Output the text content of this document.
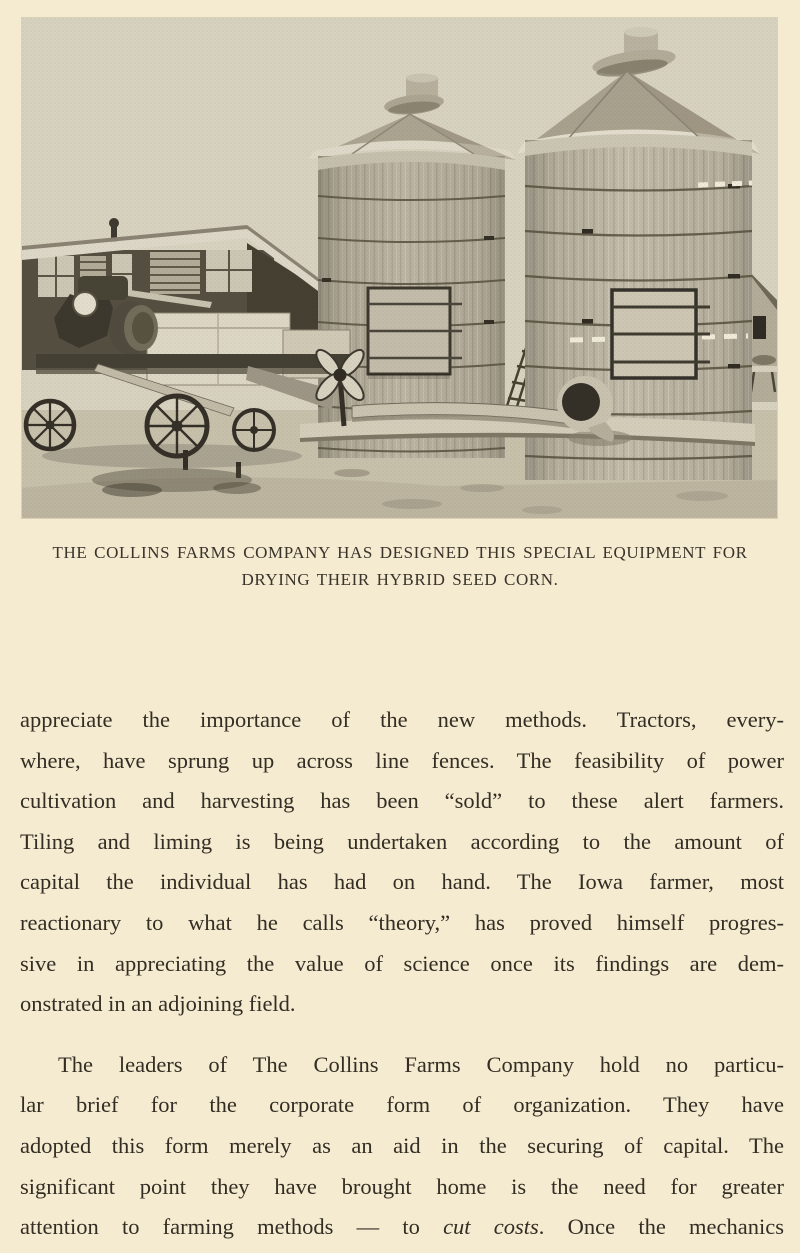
THE COLLINS FARMS COMPANY HAS DESIGNED THIS SPECIAL EQUIPMENT FOR
DRYING THEIR HYBRID SEED CORN.
appreciate the importance of the new methods. Tractors, every-
where, have sprung up across line fences. The feasibility of power
cultivation and harvesting has been “sold” to these alert farmers.
Tiling and liming is being undertaken according to the amount of
capital the individual has had on hand. The Iowa farmer, most
reactionary to what he calls “theory,” has proved himself progres-
sive in appreciating the value of science once its findings are dem-
onstrated in an adjoining field.
The leaders of The Collins Farms Company hold no particu-
lar brief for the corporate form of organization. They have
adopted this form merely as an aid in the securing of capital. The
significant point they have brought home is the need for greater
attention to farming methods — to cut costs. Once the mechanics
